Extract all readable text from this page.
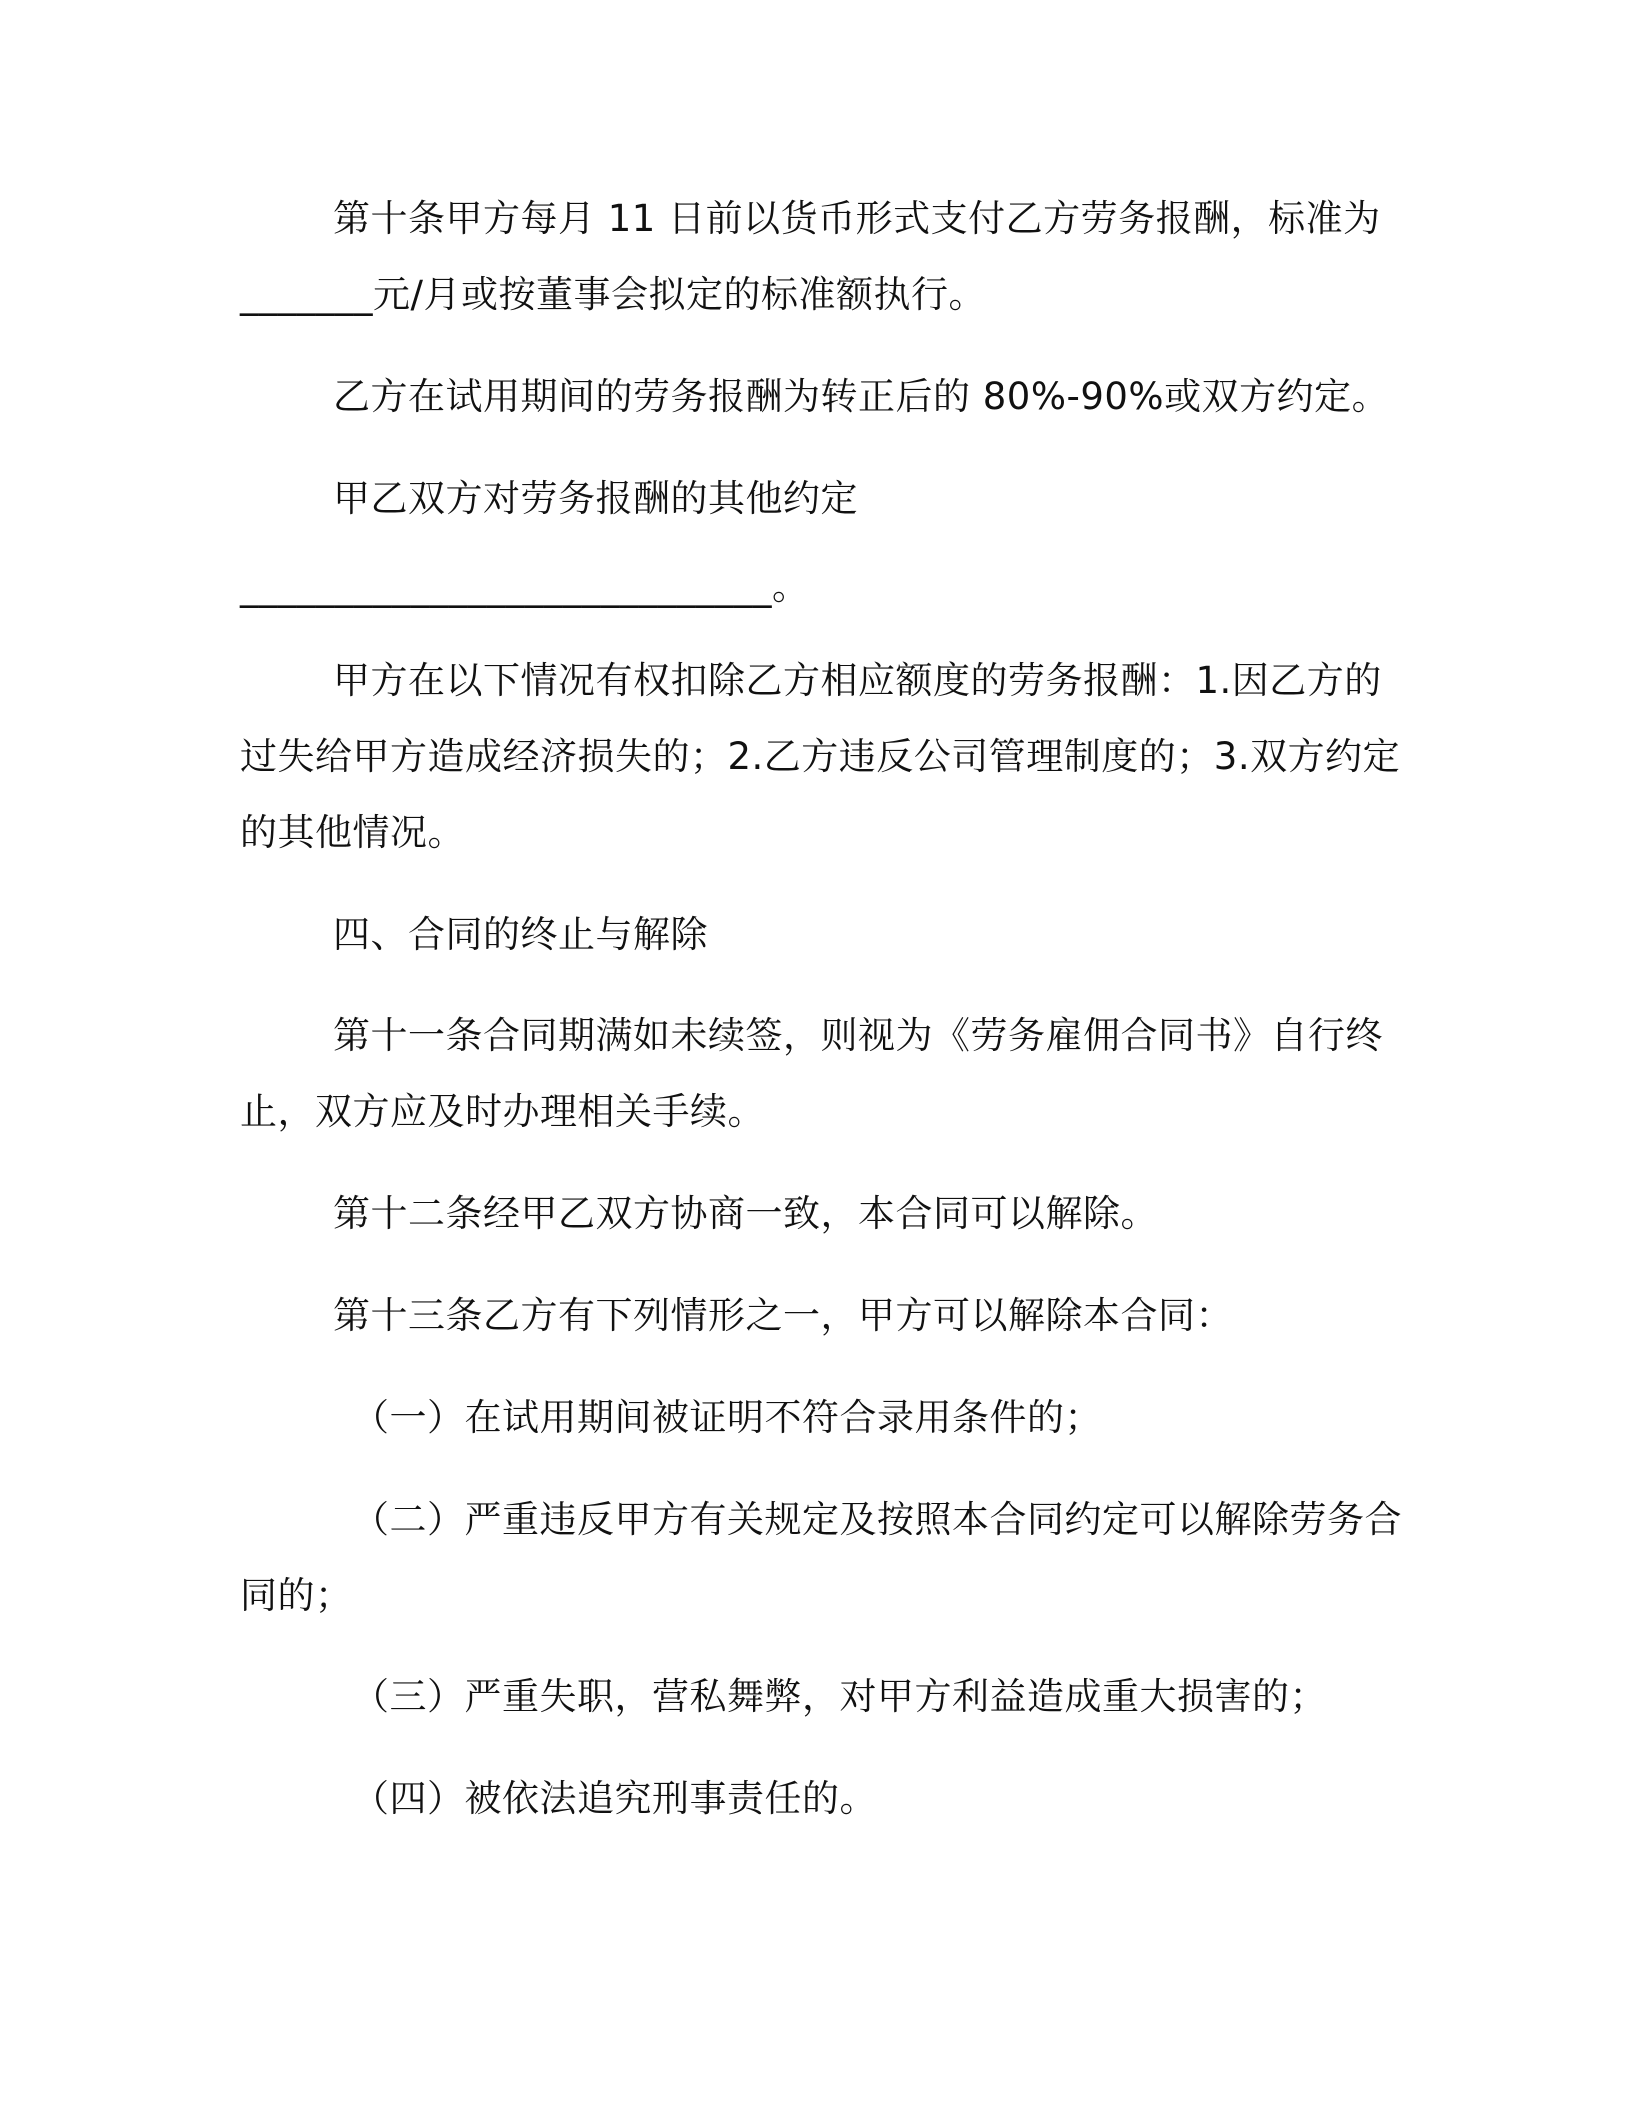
第十条甲方每月 11 日前以货币形式支付乙方劳务报酬，标准为

_______元/月或按董事会拟定的标准额执行。

乙方在试用期间的劳务报酬为转正后的 80%-90%或双方约定。

甲乙双方对劳务报酬的其他约定

____________________________。

甲方在以下情况有权扣除乙方相应额度的劳务报酬：1.因乙方的

过失给甲方造成经济损失的；2.乙方违反公司管理制度的；3.双方约定

的其他情况。

四、合同的终止与解除

第十一条合同期满如未续签，则视为《劳务雇佣合同书》自行终

止，双方应及时办理相关手续。

第十二条经甲乙双方协商一致，本合同可以解除。

第十三条乙方有下列情形之一，甲方可以解除本合同：

（一）在试用期间被证明不符合录用条件的；

（二）严重违反甲方有关规定及按照本合同约定可以解除劳务合

同的；

（三）严重失职，营私舞弊，对甲方利益造成重大损害的；

（四）被依法追究刑事责任的。
